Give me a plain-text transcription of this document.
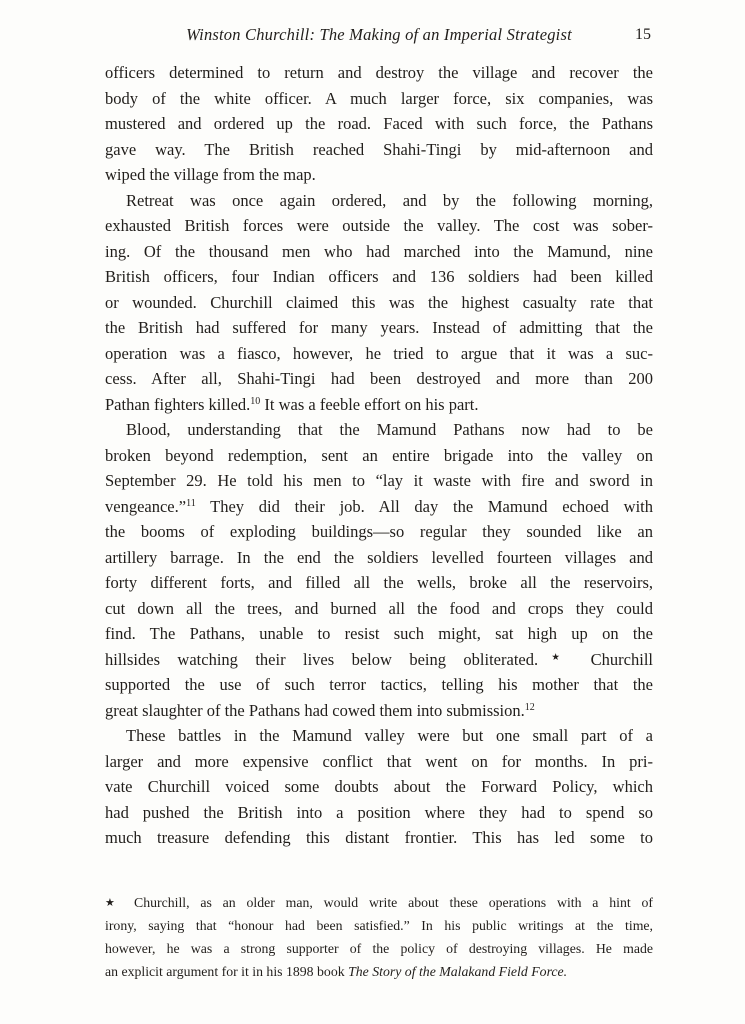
Winston Churchill: The Making of an Imperial Strategist	15
officers determined to return and destroy the village and recover the
body of the white officer. A much larger force, six companies, was
mustered and ordered up the road. Faced with such force, the Pathans
gave way. The British reached Shahi-Tingi by mid-afternoon and
wiped the village from the map.
Retreat was once again ordered, and by the following morning,
exhausted British forces were outside the valley. The cost was sober-
ing. Of the thousand men who had marched into the Mamund, nine
British officers, four Indian officers and 136 soldiers had been killed
or wounded. Churchill claimed this was the highest casualty rate that
the British had suffered for many years. Instead of admitting that the
operation was a fiasco, however, he tried to argue that it was a suc-
cess. After all, Shahi-Tingi had been destroyed and more than 200
Pathan fighters killed.$^{10}$ It was a feeble effort on his part.
Blood, understanding that the Mamund Pathans now had to be
broken beyond redemption, sent an entire brigade into the valley on
September 29. He told his men to “lay it waste with fire and sword in
vengeance.”$^{11}$ They did their job. All day the Mamund echoed with
the booms of exploding buildings—so regular they sounded like an
artillery barrage. In the end the soldiers levelled fourteen villages and
forty different forts, and filled all the wells, broke all the reservoirs,
cut down all the trees, and burned all the food and crops they could
find. The Pathans, unable to resist such might, sat high up on the
hillsides watching their lives below being obliterated.★ Churchill
supported the use of such terror tactics, telling his mother that the
great slaughter of the Pathans had cowed them into submission.$^{12}$
These battles in the Mamund valley were but one small part of a
larger and more expensive conflict that went on for months. In pri-
vate Churchill voiced some doubts about the Forward Policy, which
had pushed the British into a position where they had to spend so
much treasure defending this distant frontier. This has led some to
★ Churchill, as an older man, would write about these operations with a hint of
irony, saying that “honour had been satisfied.” In his public writings at the time,
however, he was a strong supporter of the policy of destroying villages. He made
an explicit argument for it in his 1898 book The Story of the Malakand Field Force.
